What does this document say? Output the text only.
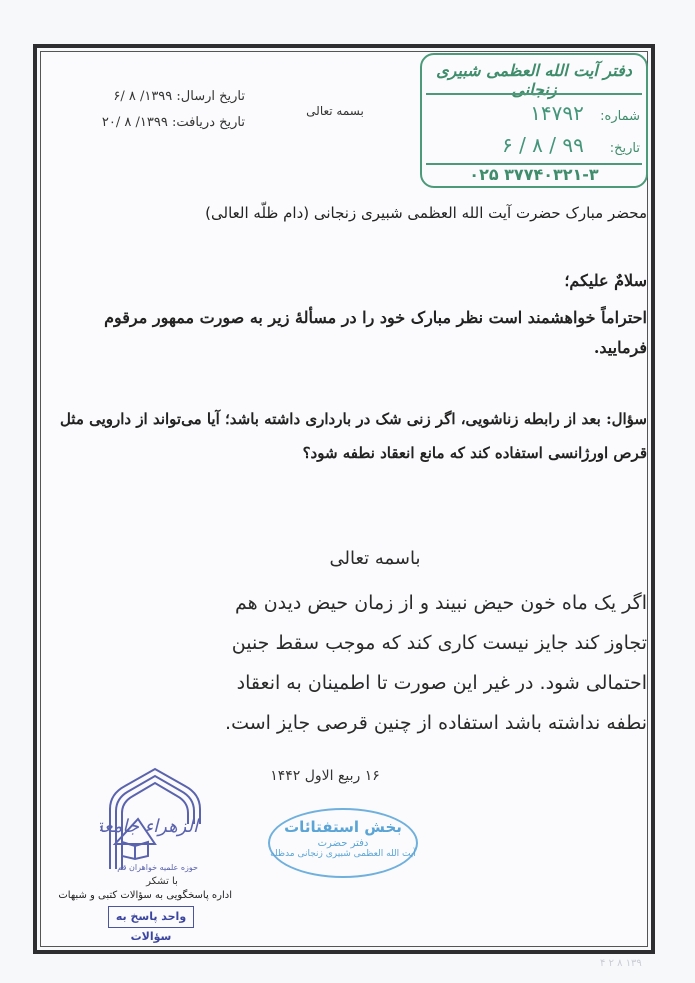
تاریخ ارسال: ۱۳۹۹/ ۸ /۶
تاریخ دریافت: ۱۳۹۹/ ۸ /۲۰
بسمه تعالی
دفتر آیت الله العظمی شبیری زنجانی
شماره: ۱۴۷۹۲
تاریخ: ۹۹ / ۸ / ۶
۰۲۵ ۳۷۷۴۰۳۲۱-۳
محضر مبارک حضرت آیت الله العظمی شبیری زنجانی (دام ظلّه العالی)
سلامٌ علیکم؛
احتراماً خواهشمند است نظر مبارک خود را در مسألهٔ زیر به صورت ممهور مرقوم فرمایید.
سؤال: بعد از رابطه زناشویی، اگر زنی شک در بارداری داشته باشد؛ آیا می‌تواند از دارویی مثل قرص اورژانسی استفاده کند که مانع انعقاد نطفه شود؟
باسمه تعالی
اگر یک ماه خون حیض نبیند و از زمان حیض دیدن هم تجاوز کند جایز نیست کاری کند که موجب سقط جنین احتمالی شود. در غیر این صورت تا اطمینان به انعقاد نطفه نداشته باشد استفاده از چنین قرصی جایز است.
۱۶ ربیع الاول ۱۴۴۲
بخش استفتائات
دفتر حضرت
آیت الله العظمی شبیری زنجانی مدظله
الزهراء جامعة
حوزه علمیه خواهران قم
با تشکر
اداره پاسخگویی به سؤالات کتبی و شبهات
واحد پاسخ به سؤالات
۱۳۹ ۸ ۲ ۴
